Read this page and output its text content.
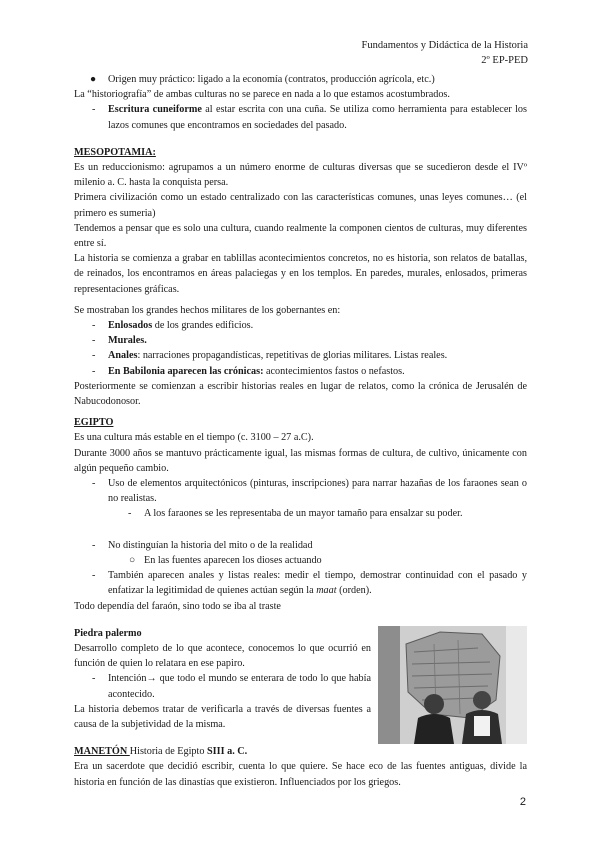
Fundamentos y Didáctica de la Historia
2º EP-PED

● Origen muy práctico: ligado a la economía (contratos, producción agrícola, etc.)

La “historiografía” de ambas culturas no se parece en nada a lo que estamos acostumbrados.

- Escritura cuneiforme al estar escrita con una cuña. Se utiliza como herramienta para establecer los lazos comunes que encontramos en sociedades del pasado.

MESOPOTAMIA:

Es un reduccionismo: agrupamos a un número enorme de culturas diversas que se sucedieron desde el IVº milenio a. C. hasta la conquista persa.

Primera civilización como un estado centralizado con las características comunes, unas leyes comunes… (el primero es sumeria)

Tendemos a pensar que es solo una cultura, cuando realmente la componen cientos de culturas, muy diferentes entre sí.

La historia se comienza a grabar en tablillas acontecimientos concretos, no es historia, son relatos de batallas, de reinados, los encontramos en áreas palaciegas y en los templos. En paredes, murales, enlosados, primeras representaciones gráficas.

Se mostraban los grandes hechos militares de los gobernantes en:

- Enlosados de los grandes edificios.

- Murales.

- Anales: narraciones propagandísticas, repetitivas de glorias militares. Listas reales.

- En Babilonia aparecen las crónicas: acontecimientos fastos o nefastos.

Posteriormente se comienzan a escribir historias reales en lugar de relatos, como la crónica de Jerusalén de Nabucodonosor.

EGIPTO

Es una cultura más estable en el tiempo (c. 3100 – 27 a.C).

Durante 3000 años se mantuvo prácticamente igual, las mismas formas de cultura, de cultivo, únicamente con algún pequeño cambio.

- Uso de elementos arquitectónicos (pinturas, inscripciones) para narrar hazañas de los faraones sean o no realistas.

- A los faraones se les representaba de un mayor tamaño para ensalzar su poder.

- No distinguían la historia del mito o de la realidad

○ En las fuentes aparecen los dioses actuando

- También aparecen anales y listas reales: medir el tiempo, demostrar continuidad con el pasado y enfatizar la legitimidad de quienes actúan según la maat (orden).

Todo dependía del faraón, sino todo se iba al traste

Piedra palermo

Desarrollo completo de lo que acontece, conocemos lo que ocurrió en función de quien lo relatara en ese papiro.

- Intención→ que todo el mundo se enterara de todo lo que había acontecido.

La historia debemos tratar de verificarla a través de diversas fuentes a causa de la subjetividad de la misma.

MANETÓN Historia de Egipto SIII a. C.

Era un sacerdote que decidió escribir, cuenta lo que quiere. Se hace eco de las fuentes antiguas, divide la historia en función de las dinastías que existieron. Influenciados por los griegos.

2
